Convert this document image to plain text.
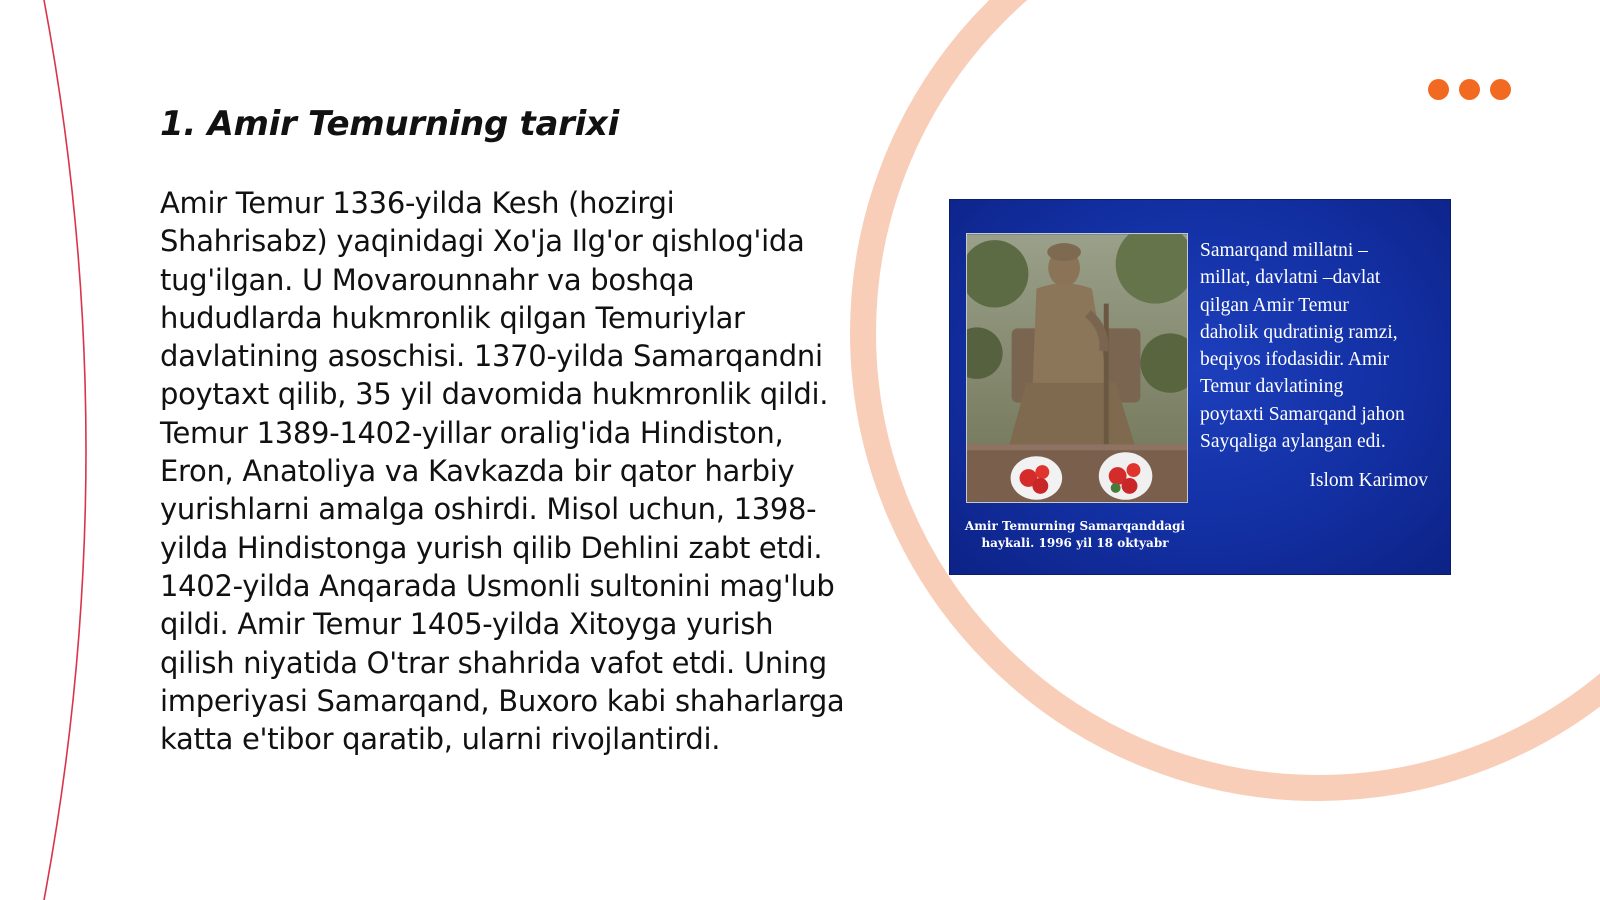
1. Amir Temurning tarixi

Amir Temur 1336-yilda Kesh (hozirgi Shahrisabz) yaqinidagi Xo'ja Ilg'or qishlog'ida tug'ilgan. U Movarounnahr va boshqa hududlarda hukmronlik qilgan Temuriylar davlatining asoschisi. 1370-yilda Samarqandni poytaxt qilib, 35 yil davomida hukmronlik qildi. Temur 1389-1402-yillar oralig'ida Hindiston, Eron, Anatoliya va Kavkazda bir qator harbiy yurishlarni amalga oshirdi. Misol uchun, 1398-yilda Hindistonga yurish qilib Dehlini zabt etdi. 1402-yilda Anqarada Usmonli sultonini mag'lub qildi. Amir Temur 1405-yilda Xitoyga yurish qilish niyatida O'trar shahrida vafot etdi. Uning imperiyasi Samarqand, Buxoro kabi shaharlarga katta e'tibor qaratib, ularni rivojlantirdi.

Amir Temurning Samarqanddagi haykali. 1996 yil 18 oktyabr

Samarqand millatni –
millat, davlatni –davlat
qilgan Amir Temur
daholik qudratinig ramzi,
beqiyos ifodasidir. Amir
Temur davlatining
poytaxti Samarqand jahon
Sayqaliga aylangan edi.

Islom Karimov
